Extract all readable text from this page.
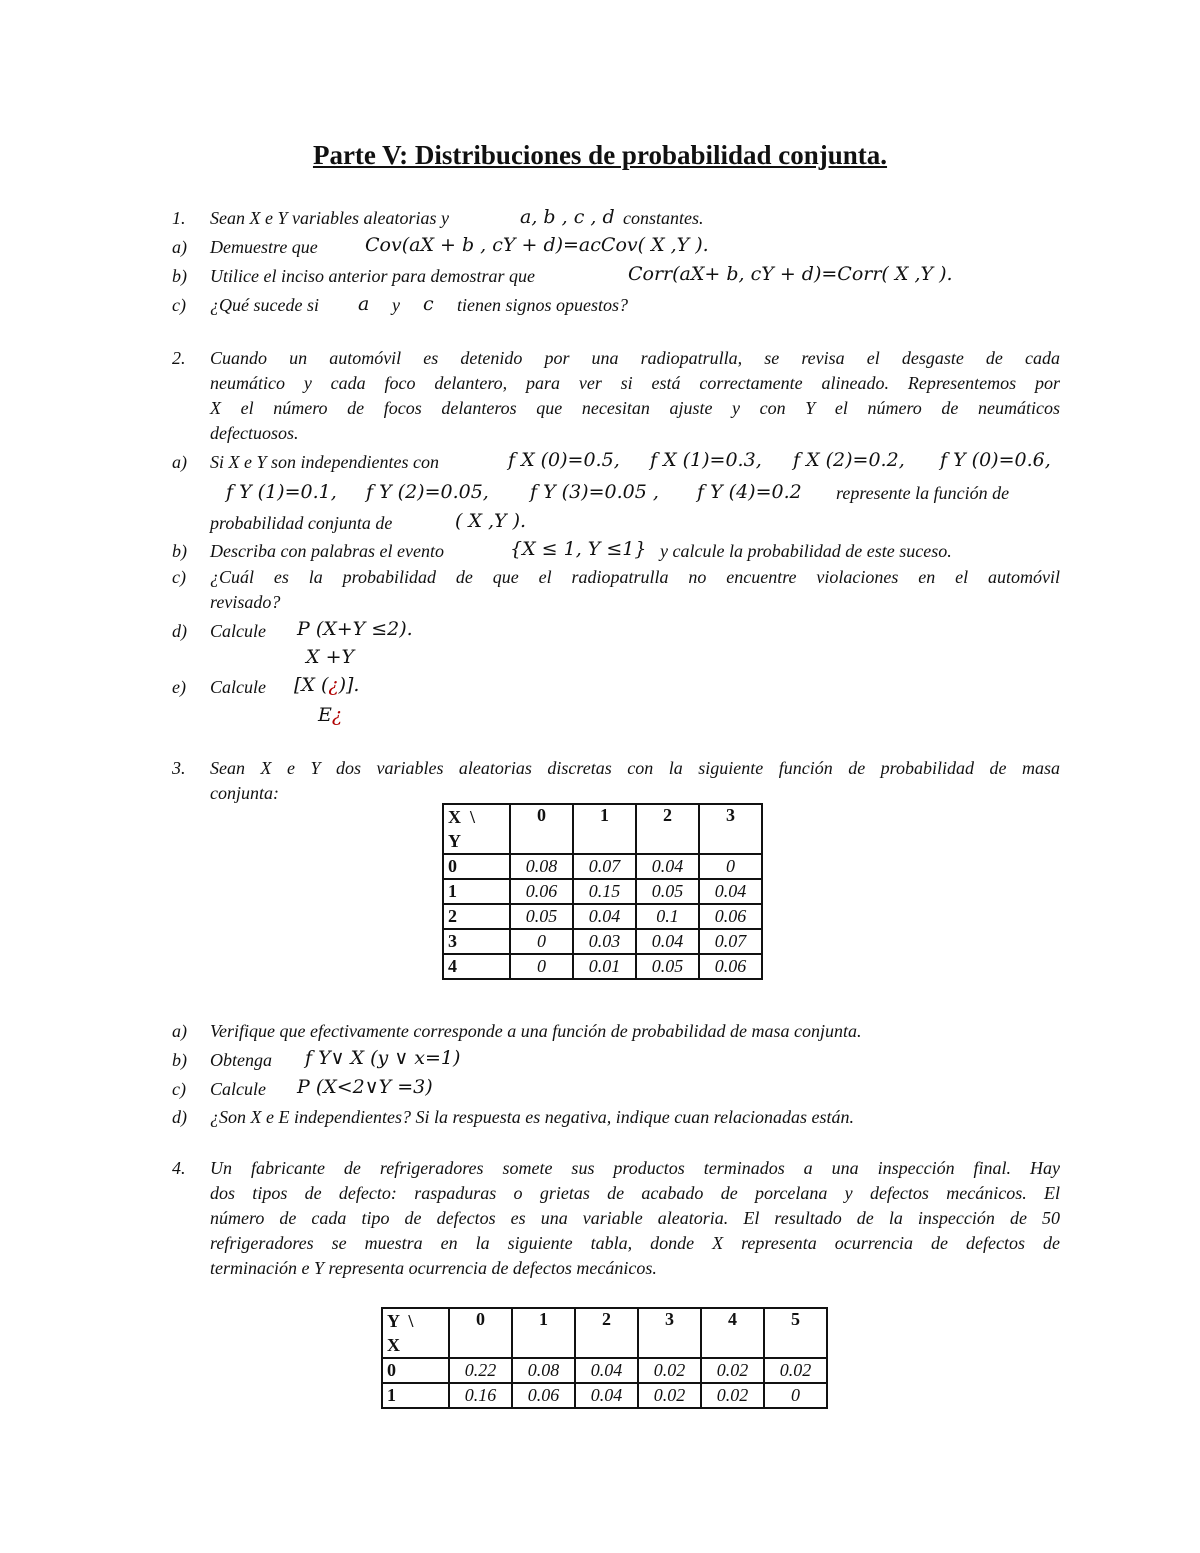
Parte V: Distribuciones de probabilidad conjunta.
1. Sean X e Y variables aleatorias y	a, b , c , d constantes.
a) Demuestre que Cov(aX + b , cY + d)=acCov( X ,Y ).
b) Utilice el inciso anterior para demostrar que	Corr(aX+ b, cY + d)=Corr( X ,Y ).
c) ¿Qué sucede si a y c tienen signos opuestos?
2. Cuando un automóvil es detenido por una radiopatrulla, se revisa el desgaste de cada
neumático y cada foco delantero, para ver si está correctamente alineado. Representemos por
X el número de focos delanteros que necesitan ajuste y con Y el número de neumáticos
defectuosos.
a) Si X e Y son independientes con	f X (0)=0.5, f X (1)=0.3, f X (2)=0.2, f Y (0)=0.6,
f Y (1)=0.1, f Y (2)=0.05, f Y (3)=0.05 , f Y (4)=0.2 represente la función de
probabilidad conjunta de	( X ,Y ).
b) Describa con palabras el evento	{X ≤ 1, Y ≤1} y calcule la probabilidad de este suceso.
c) ¿Cuál es la probabilidad de que el radiopatrulla no encuentre violaciones en el automóvil
revisado?
d) Calcule P (X+Y ≤2).
X +Y
e) Calcule [X (¿)].
E¿
3. Sean X e Y dos variables aleatorias discretas con la siguiente función de probabilidad de masa
conjunta:
X  \
Y	0	1	2	3
0	0.08	0.07	0.04	0
1	0.06	0.15	0.05	0.04
2	0.05	0.04	0.1	0.06
3	0	0.03	0.04	0.07
4	0	0.01	0.05	0.06
a) Verifique que efectivamente corresponde a una función de probabilidad de masa conjunta.
b) Obtenga f Y∨ X (y ∨ x=1)
c) Calcule P (X<2∨Y =3)
d) ¿Son X e E independientes? Si la respuesta es negativa, indique cuan relacionadas están.
4. Un fabricante de refrigeradores somete sus productos terminados a una inspección final. Hay
dos tipos de defecto: raspaduras o grietas de acabado de porcelana y defectos mecánicos. El
número de cada tipo de defectos es una variable aleatoria. El resultado de la inspección de 50
refrigeradores se muestra en la siguiente tabla, donde X representa ocurrencia de defectos de
terminación e Y representa ocurrencia de defectos mecánicos.
Y  \
X	0	1	2	3	4	5
0	0.22	0.08	0.04	0.02	0.02	0.02
1	0.16	0.06	0.04	0.02	0.02	0
